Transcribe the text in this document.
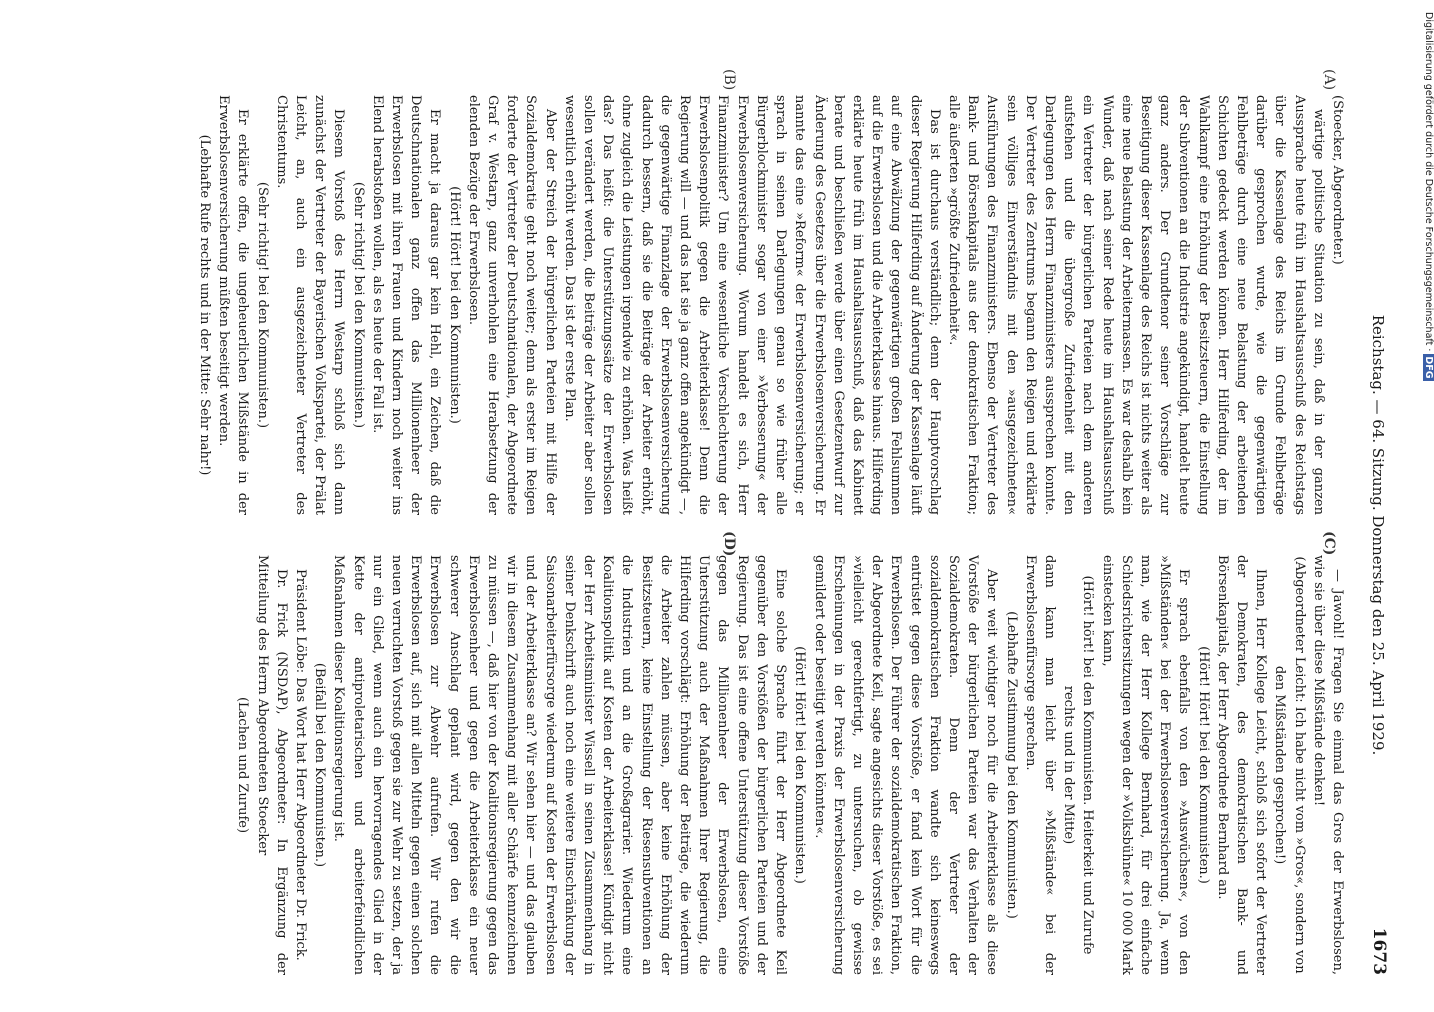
Reichstag. — 64. Sitzung. Donnerstag den 25. April 1929.
1673
(A)
(B)
(C)
(D)

(Stoecker, Abgeordneter.)

wärtige politische Situation zu sein, daß in der ganzen Aussprache heute früh im Haushaltsausschuß des Reichstags über die Kassenlage des Reichs im Grunde Fehlbeträge darüber gesprochen wurde, wie die gegenwärtigen Fehlbeträge durch eine neue Belastung der arbeitenden Schichten gedeckt werden können. Herr Hilferding, der im Wahlkampf eine Erhöhung der Besitzsteuern, die Einstellung der Subventionen an die Industrie angekündigt, handelt heute ganz anders. Der Grundtenor seiner Vorschläge zur Beseitigung dieser Kassenlage des Reichs ist nichts weiter als eine neue Belastung der Arbeitermassen. Es war deshalb kein Wunder, daß nach seiner Rede heute im Haushaltsausschuß ein Vertreter der bürgerlichen Parteien nach dem anderen aufstehen und die übergroße Zufriedenheit mit den Darlegungen des Herrn Finanzministers aussprechen konnte. Der Vertreter des Zentrums begann den Reigen und erklärte sein völliges Einverständnis mit den »ausgezeichneten« Ausführungen des Finanzministers. Ebenso der Vertreter des Bank- und Börsenkapitals aus der demokratischen Fraktion; alle äußerten »größte Zufriedenheit«.

Das ist durchaus verständlich; denn der Hauptvorschlag dieser Regierung Hilferding auf Änderung der Kassenlage läuft auf eine Abwälzung der gegenwärtigen großen Fehlsummen auf die Erwerbslosen und die Arbeiterklasse hinaus. Hilferding erklärte heute früh im Haushaltsausschuß, daß das Kabinett berate und beschließen werde über einen Gesetzentwurf zur Änderung des Gesetzes über die Erwerbslosenversicherung. Er nannte das eine »Reform« der Erwerbslosenversicherung; er sprach in seinen Darlegungen genau so wie früher alle Bürgerblockminister sogar von einer »Verbesserung« der Erwerbslosenversicherung. Worum handelt es sich, Herr Finanzminister? Um eine wesentliche Verschlechterung der Erwerbslosenpolitik gegen die Arbeiterklasse! Denn die Regierung will — und das hat sie ja ganz offen angekündigt —, die gegenwärtige Finanzlage der Erwerbslosenversicherung dadurch bessern, daß sie die Beiträge der Arbeiter erhöht, ohne zugleich die Leistungen irgendwie zu erhöhen. Was heißt das? Das heißt: die Unterstützungssätze der Erwerbslosen sollen verändert werden, die Beiträge der Arbeiter aber sollen wesentlich erhöht werden. Das ist der erste Plan.

Aber der Streich der bürgerlichen Parteien mit Hilfe der Sozialdemokratie geht noch weiter; denn als erster im Reigen forderte der Vertreter der Deutschnationalen, der Abgeordnete Graf v. Westarp, ganz unverhohlen eine Herabsetzung der elenden Bezüge der Erwerbslosen.

(Hört! Hört! bei den Kommunisten.)

Er macht ja daraus gar kein Hehl, ein Zeichen, daß die Deutschnationalen ganz offen das Millionenheer der Erwerbslosen mit ihren Frauen und Kindern noch weiter ins Elend herabstoßen wollen, als es heute der Fall ist.

(Sehr richtig! bei den Kommunisten.)

Diesem Vorstoß des Herrn Westarp schloß sich dann zunächst der Vertreter der Bayerischen Volkspartei, der Prälat Leicht, an, auch ein ausgezeichneter Vertreter des Christentums.

(Sehr richtig! bei den Kommunisten.)

Er erklärte offen, die ungeheuerlichen Mißstände in der Erwerbslosenversicherung müßten beseitigt werden.

(Lebhafte Rufe rechts und in der Mitte: Sehr nahr!)

— Jawohl! Fragen Sie einmal das Gros der Erwerbslosen, wie sie über diese Mißstände denken!

(Abgeordneter Leicht: Ich habe nicht vom »Gros«, sondern von den Mißständen gesprochen!)

Ihnen, Herr Kollege Leicht, schloß sich sofort der Vertreter der Demokraten, des demokratischen Bank- und Börsenkapitals, der Herr Abgeordnete Bernhard an.

(Hört! Hört! bei den Kommunisten.)

Er sprach ebenfalls von den »Auswüchsen«, von den »Mißständen« bei der Erwerbslosenversicherung. Ja, wenn man, wie der Herr Kollege Bernhard, für drei einfache Schiedsrichtersitzungen wegen der »Volksbühne« 10 000 Mark einstecken kann,

(Hört! hört! bei den Kommunisten. Heiterkeit und Zurufe rechts und in der Mitte)

dann kann man leicht über »Mißstände« bei der Erwerbslosenfürsorge sprechen.

(Lebhafte Zustimmung bei den Kommunisten.)

Aber weit wichtiger noch für die Arbeiterklasse als diese Vorstöße der bürgerlichen Parteien war das Verhalten der Sozialdemokraten. Denn der Vertreter der sozialdemokratischen Fraktion wandte sich keineswegs entrüstet gegen diese Vorstöße, er fand kein Wort für die Erwerbslosen. Der Führer der sozialdemokratischen Fraktion, der Abgeordnete Keil, sagte angesichts dieser Vorstöße, es sei »vielleicht gerechtfertigt, zu untersuchen, ob gewisse Erscheinungen in der Praxis der Erwerbslosenversicherung gemildert oder beseitigt werden könnten«.

(Hört! Hört! bei den Kommunisten.)

Eine solche Sprache führt der Herr Abgeordnete Keil gegenüber den Vorstößen der bürgerlichen Parteien und der Regierung. Das ist eine offene Unterstützung dieser Vorstöße gegen das Millionenheer der Erwerbslosen, eine Unterstützung auch der Maßnahmen Ihrer Regierung, die Hilferding vorschlägt: Erhöhung der Beiträge, die wiederum die Arbeiter zahlen müssen, aber keine Erhöhung der Besitzsteuern, keine Einstellung der Riesensubventionen an die Industrien und an die Großagrarier. Wiederum eine Koalitionspolitik auf Kosten der Arbeiterklasse! Kündigt nicht der Herr Arbeitsminister Wissell in seinen Zusammenhang in seiner Denkschrift auch noch eine weitere Einschränkung der Saisonarbeiterfürsorge wiederum auf Kosten der Erwerbslosen und der Arbeiterklasse an? Wir sehen hier — und das glauben wir in diesem Zusammenhang mit aller Schärfe kennzeichnen zu müssen —, daß hier von der Koalitionsregierung gegen das Erwerbslosenheer und gegen die Arbeiterklasse ein neuer schwerer Anschlag geplant wird, gegen den wir die Erwerbslosen zur Abwehr aufrufen. Wir rufen die Erwerbslosen auf, sich mit allen Mitteln gegen einen solchen neuen verruchten Vorstoß gegen sie zur Wehr zu setzen, der ja nur ein Glied, wenn auch ein hervorragendes Glied in der Kette der antiproletarischen und arbeiterfeindlichen Maßnahmen dieser Koalitionsregierung ist.

(Beifall bei den Kommunisten.)

Präsident Löbe: Das Wort hat Herr Abgeordneter Dr. Frick.

Dr. Frick (NSDAP), Abgeordneter: In Ergänzung der Mitteilung des Herrn Abgeordneten Stoecker

(Lachen und Zurufe)

Digitalisierung gefördert durch die Deutsche Forschungsgemeinschaft · DFG
